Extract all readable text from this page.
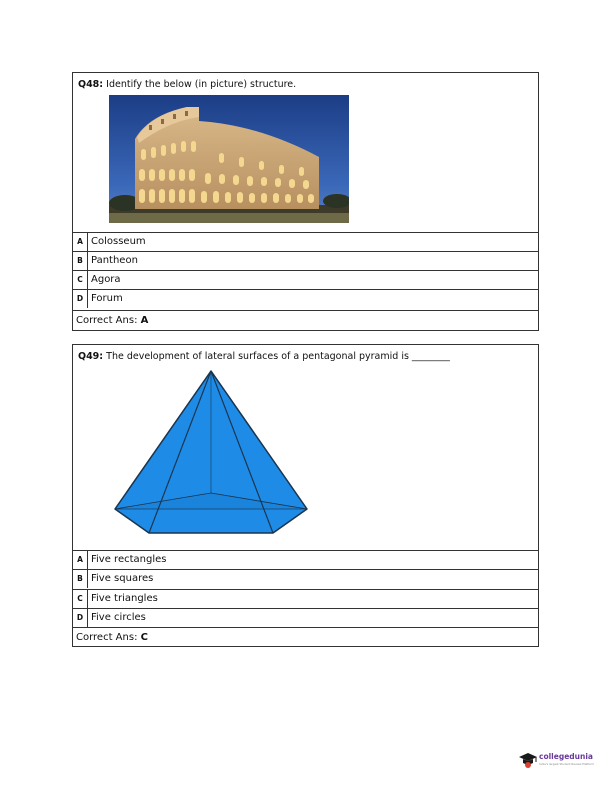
Q48: Identify the below (in picture) structure.
A Colosseum
B Pantheon
C Agora
D Forum
Correct Ans: A
Q49: The development of lateral surfaces of a pentagonal pyramid is ________
A Five rectangles
B Five squares
C Five triangles
D Five circles
Correct Ans: C
collegedunia
India's largest Student Review Platform
